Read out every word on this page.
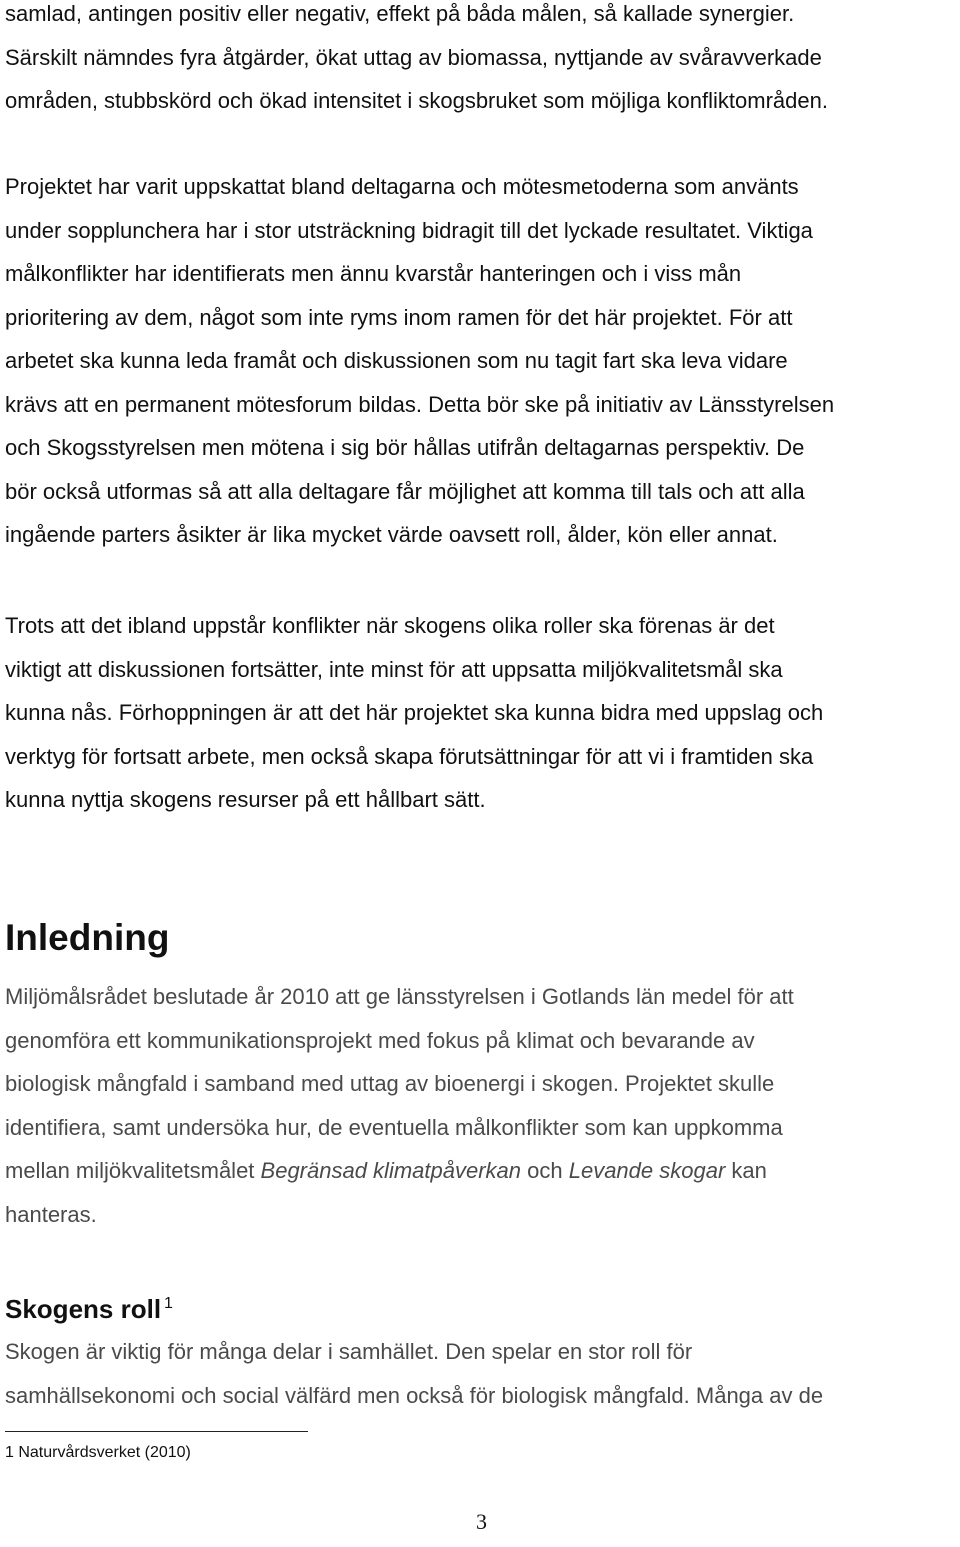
samlad, antingen positiv eller negativ, effekt på båda målen, så kallade synergier.
Särskilt nämndes fyra åtgärder, ökat uttag av biomassa, nyttjande av svåravverkade
områden, stubbskörd och ökad intensitet i skogsbruket som möjliga konfliktområden.

Projektet har varit uppskattat bland deltagarna och mötesmetoderna som använts
under sopplunchera har i stor utsträckning bidragit till det lyckade resultatet. Viktiga
målkonflikter har identifierats men ännu kvarstår hanteringen och i viss mån
prioritering av dem, något som inte ryms inom ramen för det här projektet. För att
arbetet ska kunna leda framåt och diskussionen som nu tagit fart ska leva vidare
krävs att en permanent mötesforum bildas. Detta bör ske på initiativ av Länsstyrelsen
och Skogsstyrelsen men mötena i sig bör hållas utifrån deltagarnas perspektiv. De
bör också utformas så att alla deltagare får möjlighet att komma till tals och att alla
ingående parters åsikter är lika mycket värde oavsett roll, ålder, kön eller annat.

Trots att det ibland uppstår konflikter när skogens olika roller ska förenas är det
viktigt att diskussionen fortsätter, inte minst för att uppsatta miljökvalitetsmål ska
kunna nås. Förhoppningen är att det här projektet ska kunna bidra med uppslag och
verktyg för fortsatt arbete, men också skapa förutsättningar för att vi i framtiden ska
kunna nyttja skogens resurser på ett hållbart sätt.

Inledning

Miljömålsrådet beslutade år 2010 att ge länsstyrelsen i Gotlands län medel för att
genomföra ett kommunikationsprojekt med fokus på klimat och bevarande av
biologisk mångfald i samband med uttag av bioenergi i skogen. Projektet skulle
identifiera, samt undersöka hur, de eventuella målkonflikter som kan uppkomma
mellan miljökvalitetsmålet Begränsad klimatpåverkan och Levande skogar kan
hanteras.

Skogens roll $^1$

Skogen är viktig för många delar i samhället. Den spelar en stor roll för
samhällsekonomi och social välfärd men också för biologisk mångfald. Många av de

1 Naturvårdsverket (2010)

3
